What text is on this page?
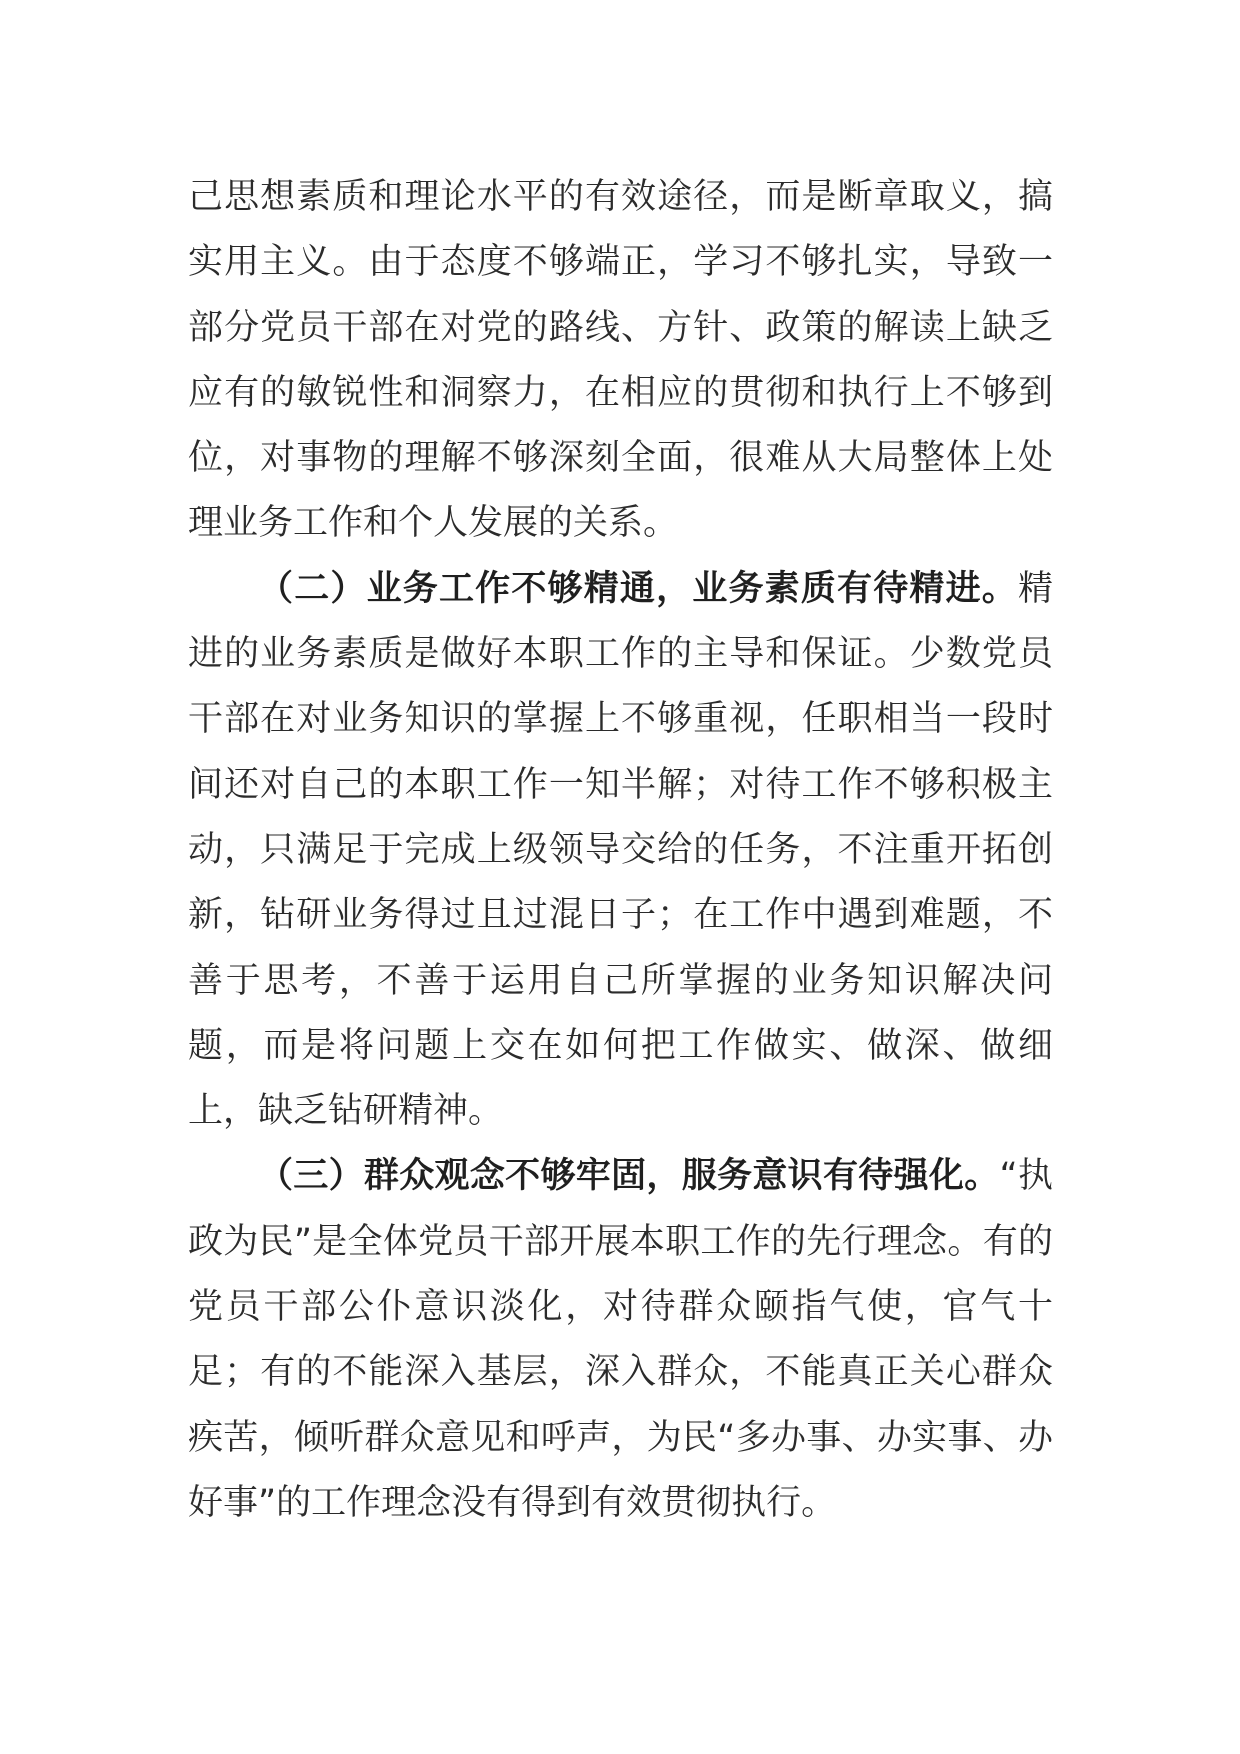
己思想素质和理论水平的有效途径，而是断章取义，搞实用主义。由于态度不够端正，学习不够扎实，导致一部分党员干部在对党的路线、方针、政策的解读上缺乏应有的敏锐性和洞察力，在相应的贯彻和执行上不够到位，对事物的理解不够深刻全面，很难从大局整体上处理业务工作和个人发展的关系。

（二）业务工作不够精通，业务素质有待精进。精进的业务素质是做好本职工作的主导和保证。少数党员干部在对业务知识的掌握上不够重视，任职相当一段时间还对自己的本职工作一知半解；对待工作不够积极主动，只满足于完成上级领导交给的任务，不注重开拓创新，钻研业务得过且过混日子；在工作中遇到难题，不善于思考，不善于运用自己所掌握的业务知识解决问题，而是将问题上交在如何把工作做实、做深、做细上，缺乏钻研精神。

（三）群众观念不够牢固，服务意识有待强化。“执政为民”是全体党员干部开展本职工作的先行理念。有的党员干部公仆意识淡化，对待群众颐指气使，官气十足；有的不能深入基层，深入群众，不能真正关心群众疾苦，倾听群众意见和呼声，为民“多办事、办实事、办好事”的工作理念没有得到有效贯彻执行。
